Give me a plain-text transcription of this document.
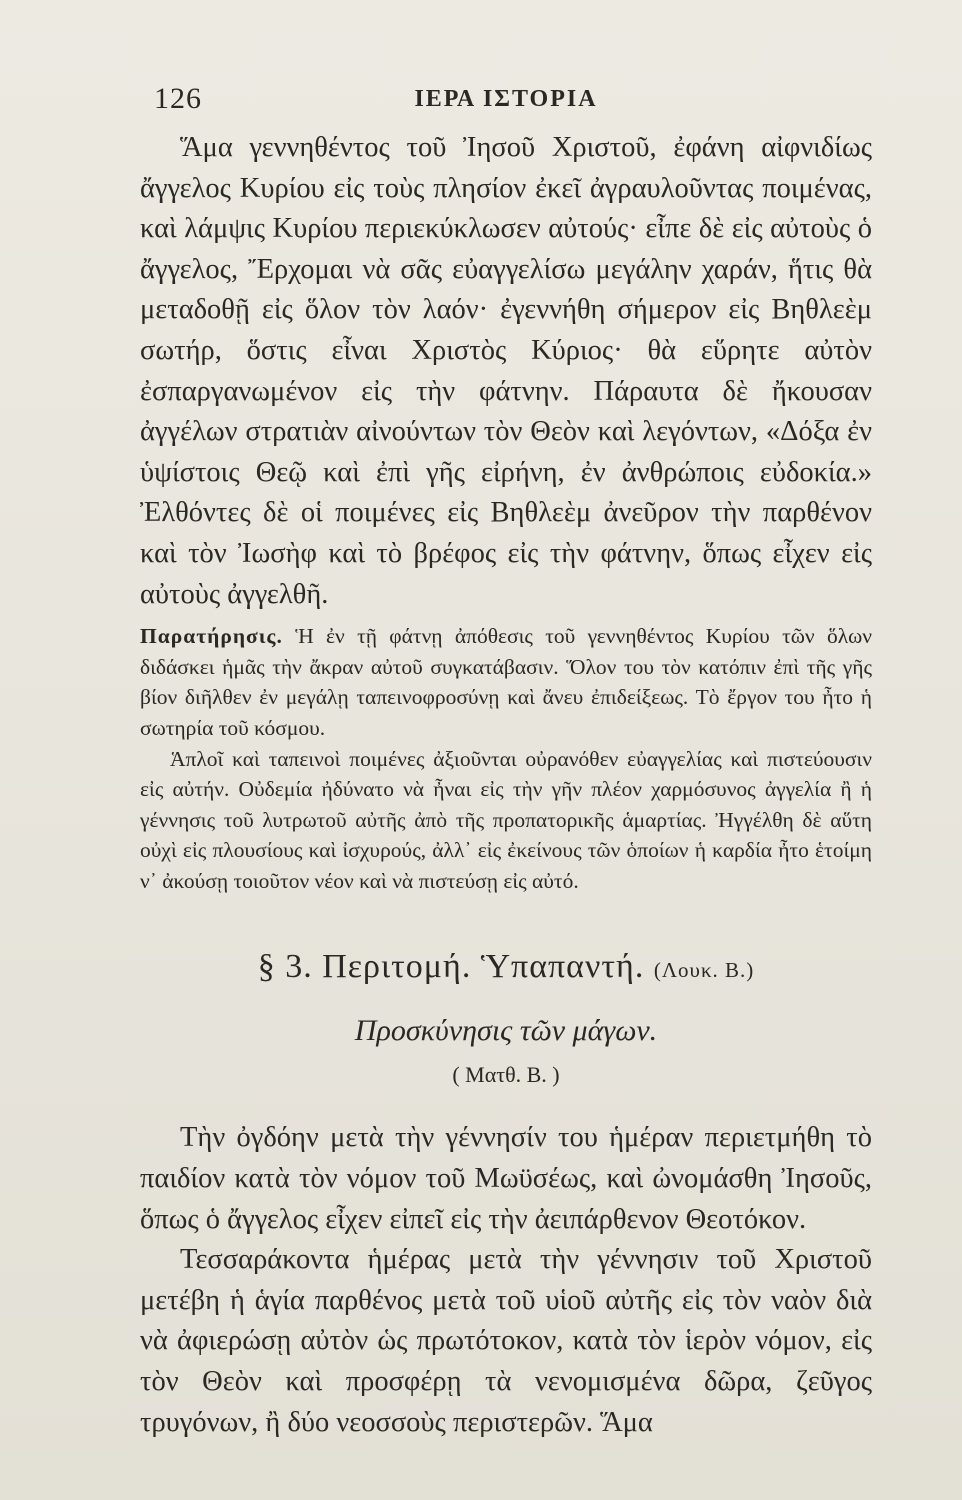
126	ΙΕΡΑ ΙΣΤΟΡΙΑ

Ἅμα γεννηθέντος τοῦ Ἰησοῦ Χριστοῦ, ἐφάνη αἰφνιδίως ἄγγελος Κυρίου εἰς τοὺς πλησίον ἐκεῖ ἀγραυλοῦντας ποιμένας, καὶ λάμψις Κυρίου περιεκύκλωσεν αὐτούς· εἶπε δὲ εἰς αὐτοὺς ὁ ἄγγελος, Ἔρχομαι νὰ σᾶς εὐαγγελίσω μεγάλην χαράν, ἥτις θὰ μεταδοθῇ εἰς ὅλον τὸν λαόν· ἐγεννήθη σήμερον εἰς Βηθλεὲμ σωτήρ, ὅστις εἶναι Χριστὸς Κύριος· θὰ εὕρητε αὐτὸν ἐσπαργανωμένον εἰς τὴν φάτνην. Πάραυτα δὲ ἤκουσαν ἀγγέλων στρατιὰν αἰνούντων τὸν Θεὸν καὶ λεγόντων, «Δόξα ἐν ὑψίστοις Θεῷ καὶ ἐπὶ γῆς εἰρήνη, ἐν ἀνθρώποις εὐδοκία.» Ἐλθόντες δὲ οἱ ποιμένες εἰς Βηθλεὲμ ἀνεῦρον τὴν παρθένον καὶ τὸν Ἰωσὴφ καὶ τὸ βρέφος εἰς τὴν φάτνην, ὅπως εἶχεν εἰς αὐτοὺς ἀγγελθῆ.

Παρατήρησις. Ἡ ἐν τῇ φάτνῃ ἀπόθεσις τοῦ γεννηθέντος Κυρίου τῶν ὅλων διδάσκει ἡμᾶς τὴν ἄκραν αὐτοῦ συγκατάβασιν. Ὅλον του τὸν κατόπιν ἐπὶ τῆς γῆς βίον διῆλθεν ἐν μεγάλῃ ταπεινοφροσύνῃ καὶ ἄνευ ἐπιδείξεως. Τὸ ἔργον του ἦτο ἡ σωτηρία τοῦ κόσμου.

Ἁπλοῖ καὶ ταπεινοὶ ποιμένες ἀξιοῦνται οὐρανόθεν εὐαγγελίας καὶ πιστεύουσιν εἰς αὐτήν. Οὐδεμία ἠδύνατο νὰ ἦναι εἰς τὴν γῆν πλέον χαρμόσυνος ἀγγελία ἢ ἡ γέννησις τοῦ λυτρωτοῦ αὐτῆς ἀπὸ τῆς προπατορικῆς ἁμαρτίας. Ἠγγέλθη δὲ αὕτη οὐχὶ εἰς πλουσίους καὶ ἰσχυρούς, ἀλλ᾽ εἰς ἐκείνους τῶν ὁποίων ἡ καρδία ἦτο ἑτοίμη ν᾽ ἀκούσῃ τοιοῦτον νέον καὶ νὰ πιστεύσῃ εἰς αὐτό.

§ 3. Περιτομή. Ὑπαπαντή. (Λουκ. Β.)
Προσκύνησις τῶν μάγων.
( Ματθ. Β. )

Τὴν ὀγδόην μετὰ τὴν γέννησίν του ἡμέραν περιετμήθη τὸ παιδίον κατὰ τὸν νόμον τοῦ Μωϋσέως, καὶ ὠνομάσθη Ἰησοῦς, ὅπως ὁ ἄγγελος εἶχεν εἰπεῖ εἰς τὴν ἀειπάρθενον Θεοτόκον.

Τεσσαράκοντα ἡμέρας μετὰ τὴν γέννησιν τοῦ Χριστοῦ μετέβη ἡ ἁγία παρθένος μετὰ τοῦ υἱοῦ αὐτῆς εἰς τὸν ναὸν διὰ νὰ ἀφιερώσῃ αὐτὸν ὡς πρωτότοκον, κατὰ τὸν ἱερὸν νόμον, εἰς τὸν Θεὸν καὶ προσφέρῃ τὰ νενομισμένα δῶρα, ζεῦγος τρυγόνων, ἢ δύο νεοσσοὺς περιστερῶν. Ἅμα
